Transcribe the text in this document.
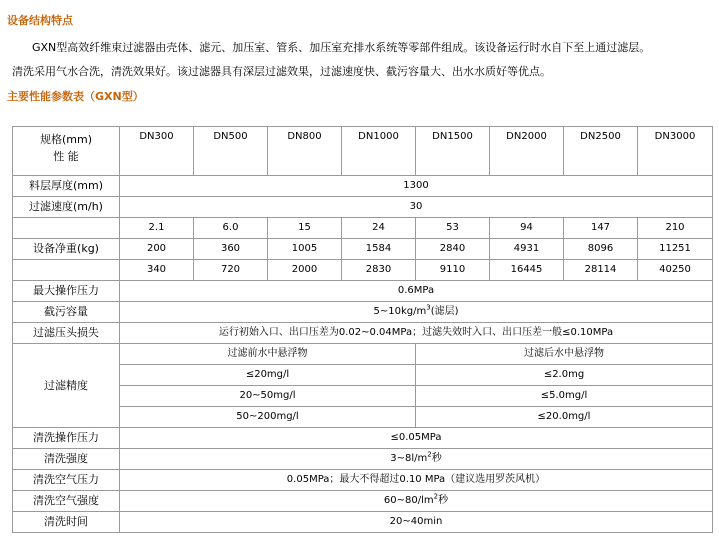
设备结构特点
GXN型高效纤维束过滤器由壳体、滤元、加压室、管系、加压室充排水系统等零部件组成。该设备运行时水自下至上通过滤层。
清洗采用气水合洗，清洗效果好。该过滤器具有深层过滤效果，过滤速度快、截污容量大、出水水质好等优点。
主要性能参数表（GXN型）
规格(mm)
性 能	DN300	DN500	DN800	DN1000	DN1500	DN2000	DN2500	DN3000
料层厚度(mm)	1300							
过滤速度(m/h)	30							
	2.1	6.0	15	24	53	94	147	210
设备净重(kg)	200	360	1005	1584	2840	4931	8096	11251
	340	720	2000	2830	9110	16445	28114	40250
最大操作压力	0.6MPa							
截污容量	$5\sim 10kg/m^3$(滤层)							
过滤压头损失	运行初始入口、出口压差为0.02~0.04MPa；过滤失效时入口、出口压差一般≤0.10MPa							
过滤精度	过滤前水中悬浮物				过滤后水中悬浮物			
	≤20mg/l				≤2.0mg			
	20~50mg/l				≤5.0mg/l			
	50~200mg/l				≤20.0mg/l			
清洗操作压力	≤0.05MPa							
清洗强度	$3\sim 8l/m^2$秒							
清洗空气压力	0.05MPa；最大不得超过0.10 MPa（建议选用罗茨风机）							
清洗空气强度	$60\sim 80/lm^2$秒							
清洗时间	20~40min							
